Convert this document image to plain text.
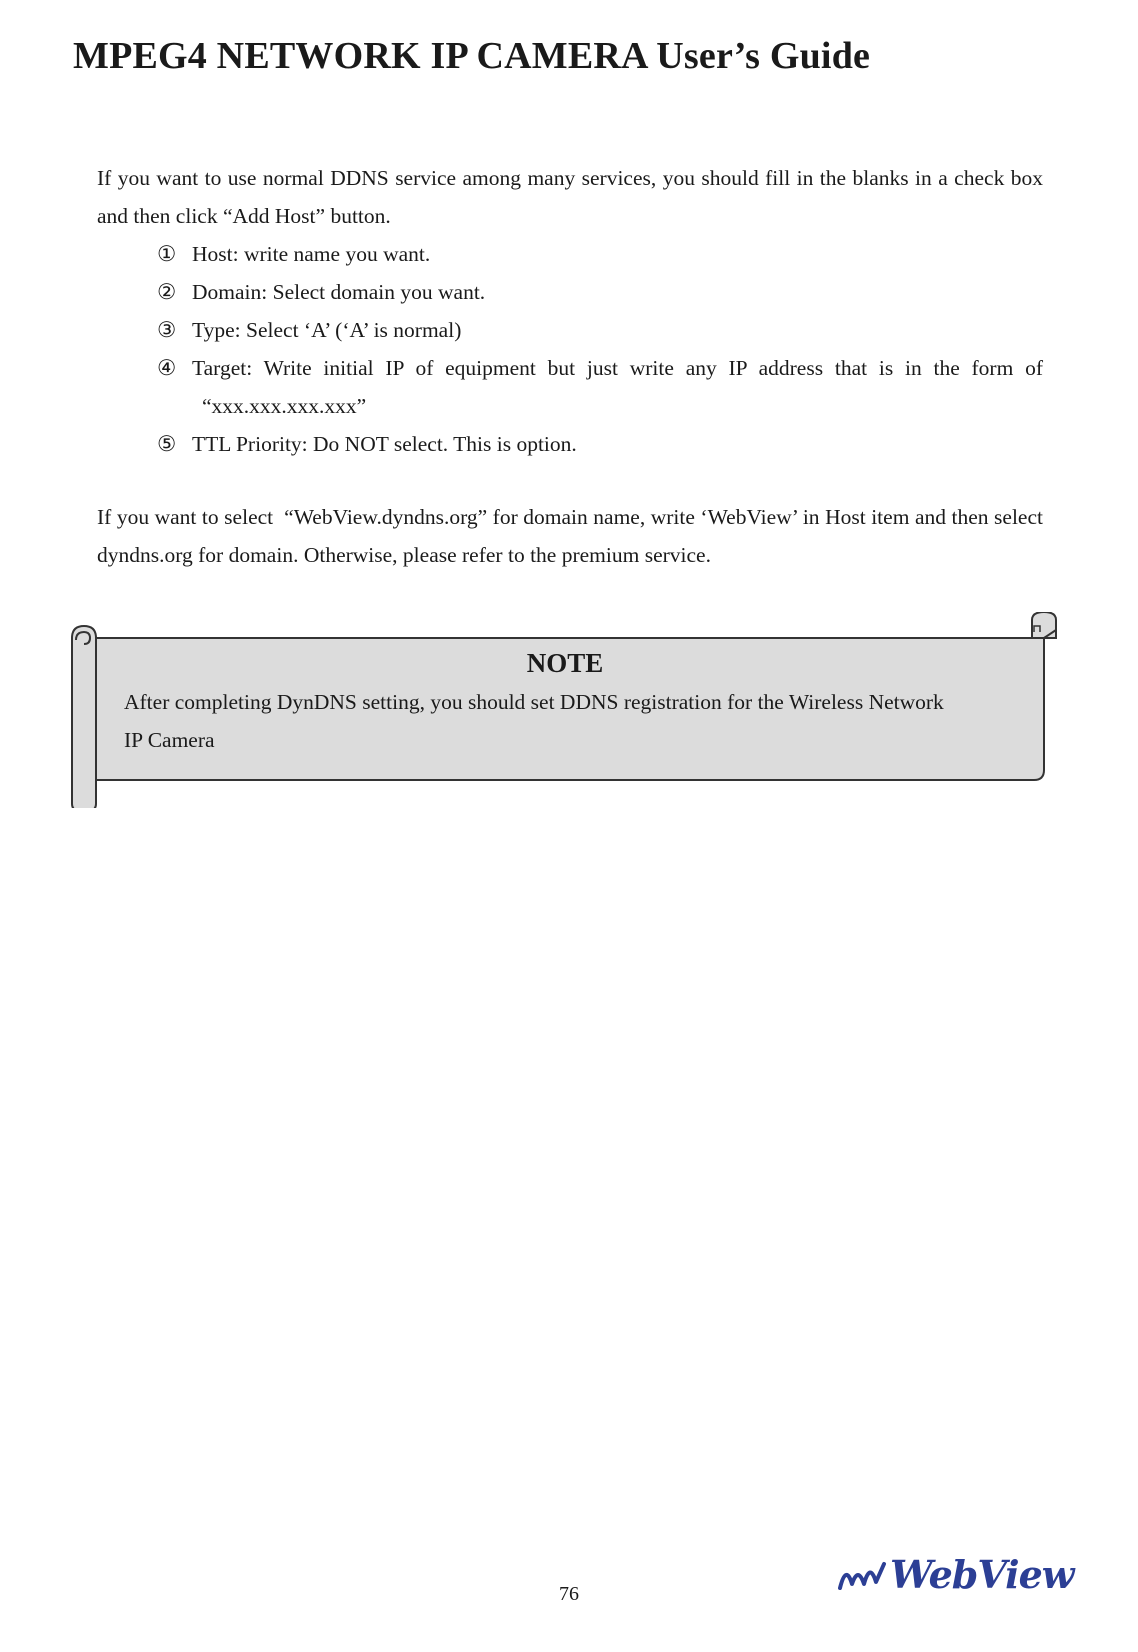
MPEG4 NETWORK IP CAMERA User’s Guide

If you want to use normal DDNS service among many services, you should fill in the blanks in a check box and then click “Add Host” button.

① Host: write name you want.
② Domain: Select domain you want.
③ Type: Select ‘A’ (‘A’ is normal)
④ Target: Write initial IP of equipment but just write any IP address that is in the form of
“xxx.xxx.xxx.xxx”
⑤ TTL Priority: Do NOT select. This is option.

If you want to select  “WebView.dyndns.org” for domain name, write ‘WebView’ in Host item and then select dyndns.org for domain. Otherwise, please refer to the premium service.

NOTE

After completing DynDNS setting, you should set DDNS registration for the Wireless Network
IP Camera

76	WebView
